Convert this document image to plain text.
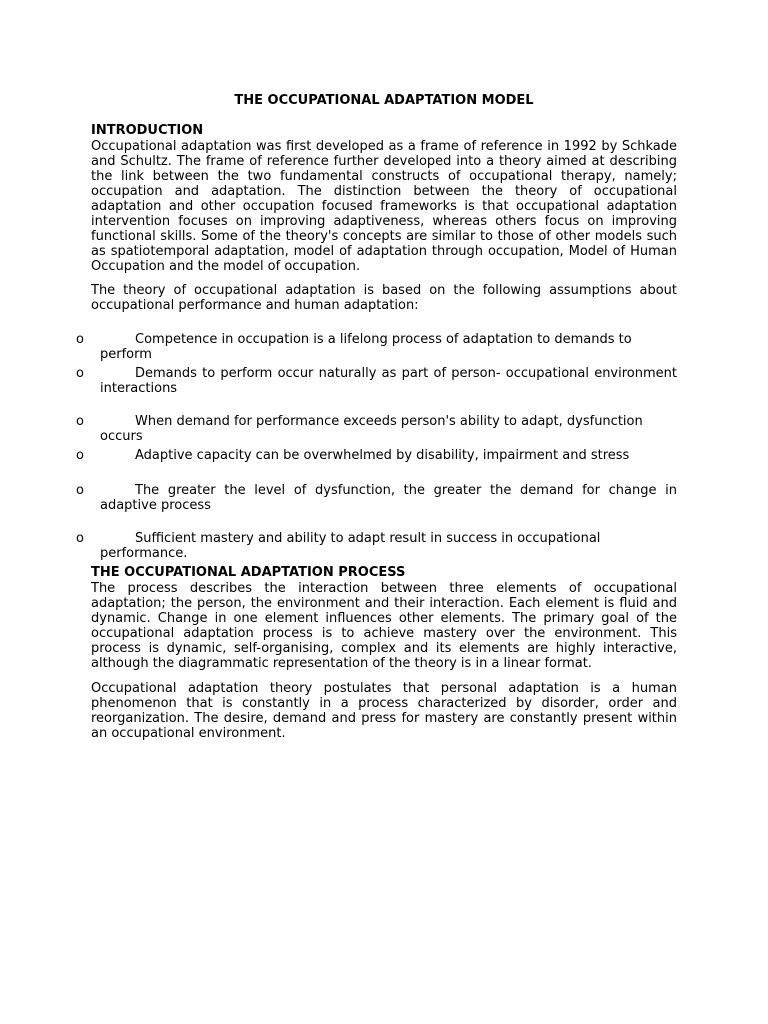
THE OCCUPATIONAL ADAPTATION MODEL

INTRODUCTION

Occupational adaptation was first developed as a frame of reference in 1992 by Schkade and Schultz. The frame of reference further developed into a theory aimed at describing the link between the two fundamental constructs of occupational therapy, namely; occupation and adaptation. The distinction between the theory of occupational adaptation and other occupation focused frameworks is that occupational adaptation intervention focuses on improving adaptiveness, whereas others focus on improving functional skills. Some of the theory's concepts are similar to those of other models such as spatiotemporal adaptation, model of adaptation through occupation, Model of Human Occupation and the model of occupation.

The theory of occupational adaptation is based on the following assumptions about occupational performance and human adaptation:

o	Competence in occupation is a lifelong process of adaptation to demands to perform
o	Demands to perform occur naturally as part of person- occupational environment interactions
o	When demand for performance exceeds person's ability to adapt, dysfunction occurs
o	Adaptive capacity can be overwhelmed by disability, impairment and stress
o	The greater the level of dysfunction, the greater the demand for change in adaptive process
o	Sufficient mastery and ability to adapt result in success in occupational performance.

THE OCCUPATIONAL ADAPTATION PROCESS

The process describes the interaction between three elements of occupational adaptation; the person, the environment and their interaction. Each element is fluid and dynamic. Change in one element influences other elements. The primary goal of the occupational adaptation process is to achieve mastery over the environment. This process is dynamic, self-organising, complex and its elements are highly interactive, although the diagrammatic representation of the theory is in a linear format.

Occupational adaptation theory postulates that personal adaptation is a human phenomenon that is constantly in a process characterized by disorder, order and reorganization. The desire, demand and press for mastery are constantly present within an occupational environment.
